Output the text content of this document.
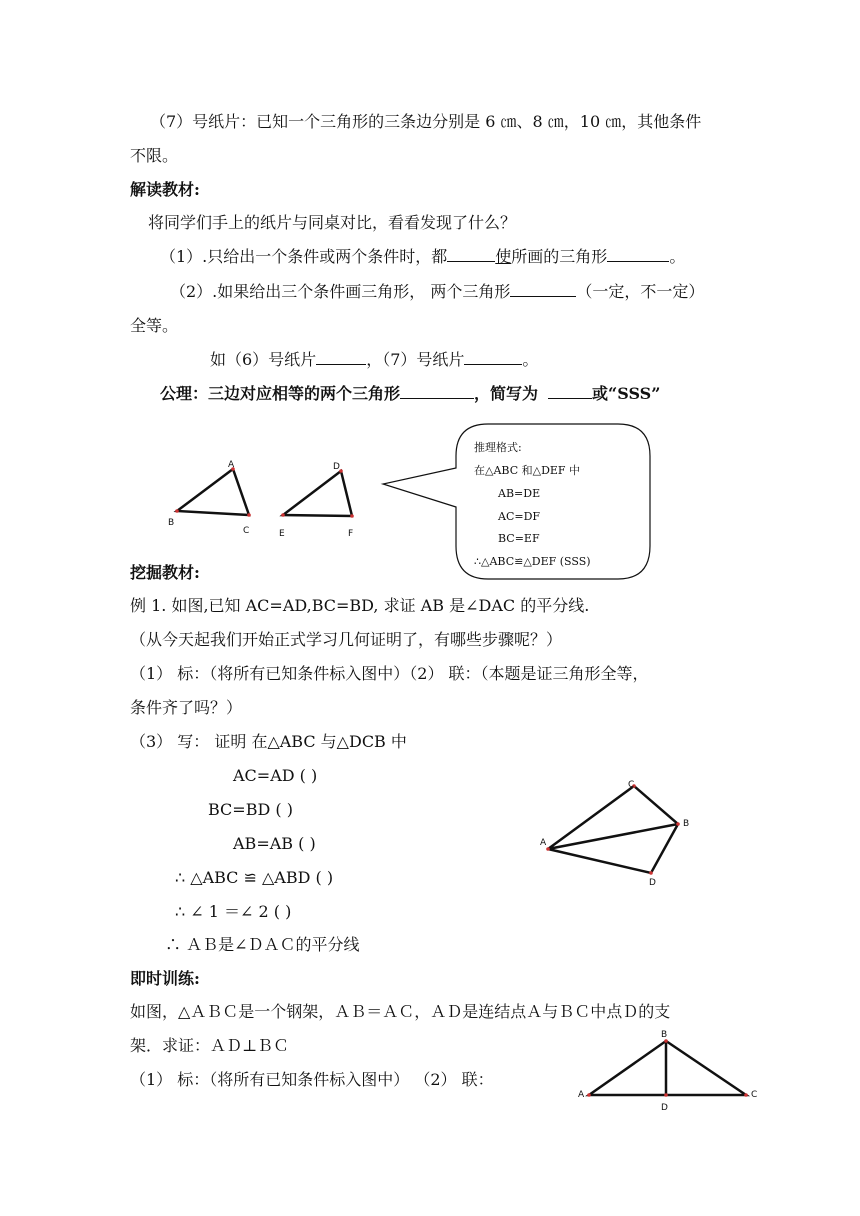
（7）号纸片：已知一个三角形的三条边分别是 6 ㎝、8 ㎝，10 ㎝，其他条件
不限。
解读教材:
将同学们手上的纸片与同桌对比，看看发现了什么？
（1）.只给出一个条件或两个条件时，都	使所画的三角形	。
（2）.如果给出三个条件画三角形， 两个三角形	（一定，不一定）
全等。
如（6）号纸片	，（7）号纸片	。
公理：三边对应相等的两个三角形	，简写为	或“SSS”
A
B
C
D
E	F
C
B
A
D
B
A
D
C
推理格式:
在△ABC 和△DEF 中
AB=DE
AC=DF
BC=EF
∴△ABC≌△DEF (SSS)
挖掘教材:
例 1. 如图,已知 AC=AD,BC=BD, 求证 AB 是∠DAC 的平分线.
（从今天起我们开始正式学习几何证明了，有哪些步骤呢？）
（1） 标：（将所有已知条件标入图中）（2） 联：（本题是证三角形全等，
条件齐了吗？）
（3） 写： 证明 在△ABC 与△DCB 中
AC=AD ( )
BC=BD ( )
AB=AB ( )
∴ △ABC ≌ △ABD ( )
∴ ∠ 1 ＝∠ 2 ( )
∴ ＡＢ是∠ＤＡＣ的平分线
即时训练:
如图，△ＡＢＣ是一个钢架，ＡＢ＝ＡＣ，ＡＤ是连结点Ａ与ＢＣ中点Ｄ的支
架．求证：ＡＤ⊥ＢＣ
（1） 标：（将所有已知条件标入图中） （2） 联：
